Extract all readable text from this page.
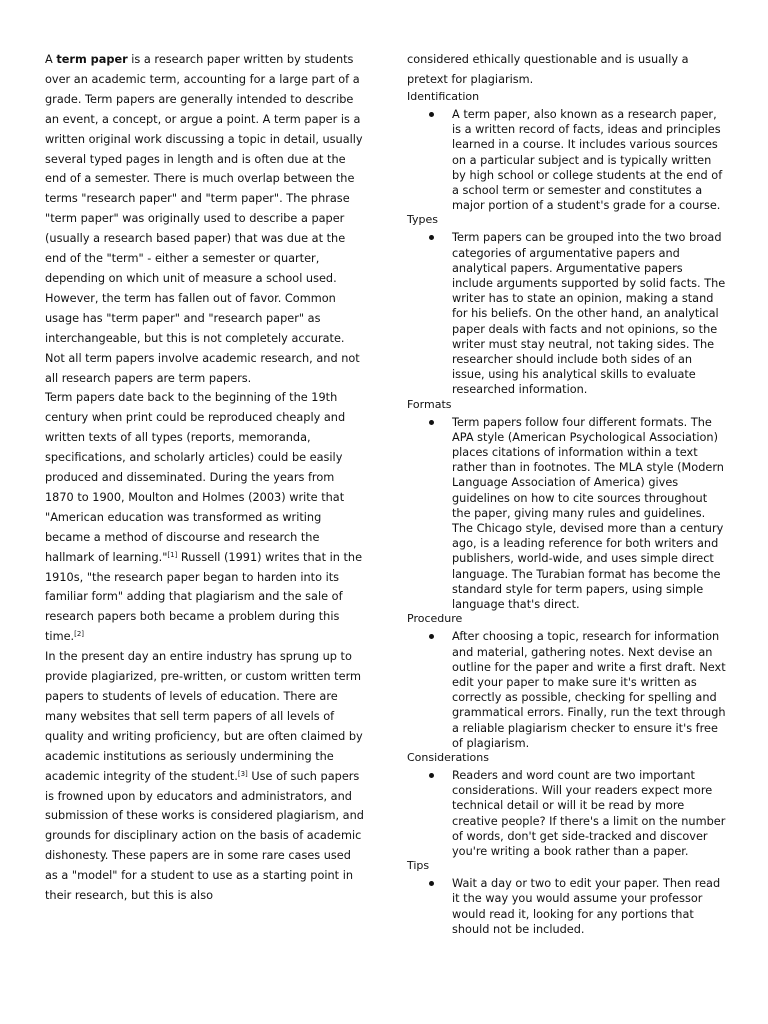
A term paper is a research paper written by students over an academic term, accounting for a large part of a grade. Term papers are generally intended to describe an event, a concept, or argue a point. A term paper is a written original work discussing a topic in detail, usually several typed pages in length and is often due at the end of a semester. There is much overlap between the terms "research paper" and "term paper". The phrase "term paper" was originally used to describe a paper (usually a research based paper) that was due at the end of the "term" - either a semester or quarter, depending on which unit of measure a school used. However, the term has fallen out of favor. Common usage has "term paper" and "research paper" as interchangeable, but this is not completely accurate. Not all term papers involve academic research, and not all research papers are term papers.

Term papers date back to the beginning of the 19th century when print could be reproduced cheaply and written texts of all types (reports, memoranda, specifications, and scholarly articles) could be easily produced and disseminated. During the years from 1870 to 1900, Moulton and Holmes (2003) write that "American education was transformed as writing became a method of discourse and research the hallmark of learning."[1] Russell (1991) writes that in the 1910s, "the research paper began to harden into its familiar form" adding that plagiarism and the sale of research papers both became a problem during this time.[2]

In the present day an entire industry has sprung up to provide plagiarized, pre-written, or custom written term papers to students of levels of education. There are many websites that sell term papers of all levels of quality and writing proficiency, but are often claimed by academic institutions as seriously undermining the academic integrity of the student.[3] Use of such papers is frowned upon by educators and administrators, and submission of these works is considered plagiarism, and grounds for disciplinary action on the basis of academic dishonesty. These papers are in some rare cases used as a "model" for a student to use as a starting point in their research, but this is also

considered ethically questionable and is usually a pretext for plagiarism.

Identification

A term paper, also known as a research paper, is a written record of facts, ideas and principles learned in a course. It includes various sources on a particular subject and is typically written by high school or college students at the end of a school term or semester and constitutes a major portion of a student's grade for a course.

Types

Term papers can be grouped into the two broad categories of argumentative papers and analytical papers. Argumentative papers include arguments supported by solid facts. The writer has to state an opinion, making a stand for his beliefs. On the other hand, an analytical paper deals with facts and not opinions, so the writer must stay neutral, not taking sides. The researcher should include both sides of an issue, using his analytical skills to evaluate researched information.

Formats

Term papers follow four different formats. The APA style (American Psychological Association) places citations of information within a text rather than in footnotes. The MLA style (Modern Language Association of America) gives guidelines on how to cite sources throughout the paper, giving many rules and guidelines. The Chicago style, devised more than a century ago, is a leading reference for both writers and publishers, world-wide, and uses simple direct language. The Turabian format has become the standard style for term papers, using simple language that's direct.

Procedure

After choosing a topic, research for information and material, gathering notes. Next devise an outline for the paper and write a first draft. Next edit your paper to make sure it's written as correctly as possible, checking for spelling and grammatical errors. Finally, run the text through a reliable plagiarism checker to ensure it's free of plagiarism.

Considerations

Readers and word count are two important considerations. Will your readers expect more technical detail or will it be read by more creative people? If there's a limit on the number of words, don't get side-tracked and discover you're writing a book rather than a paper.

Tips

Wait a day or two to edit your paper. Then read it the way you would assume your professor would read it, looking for any portions that should not be included.
